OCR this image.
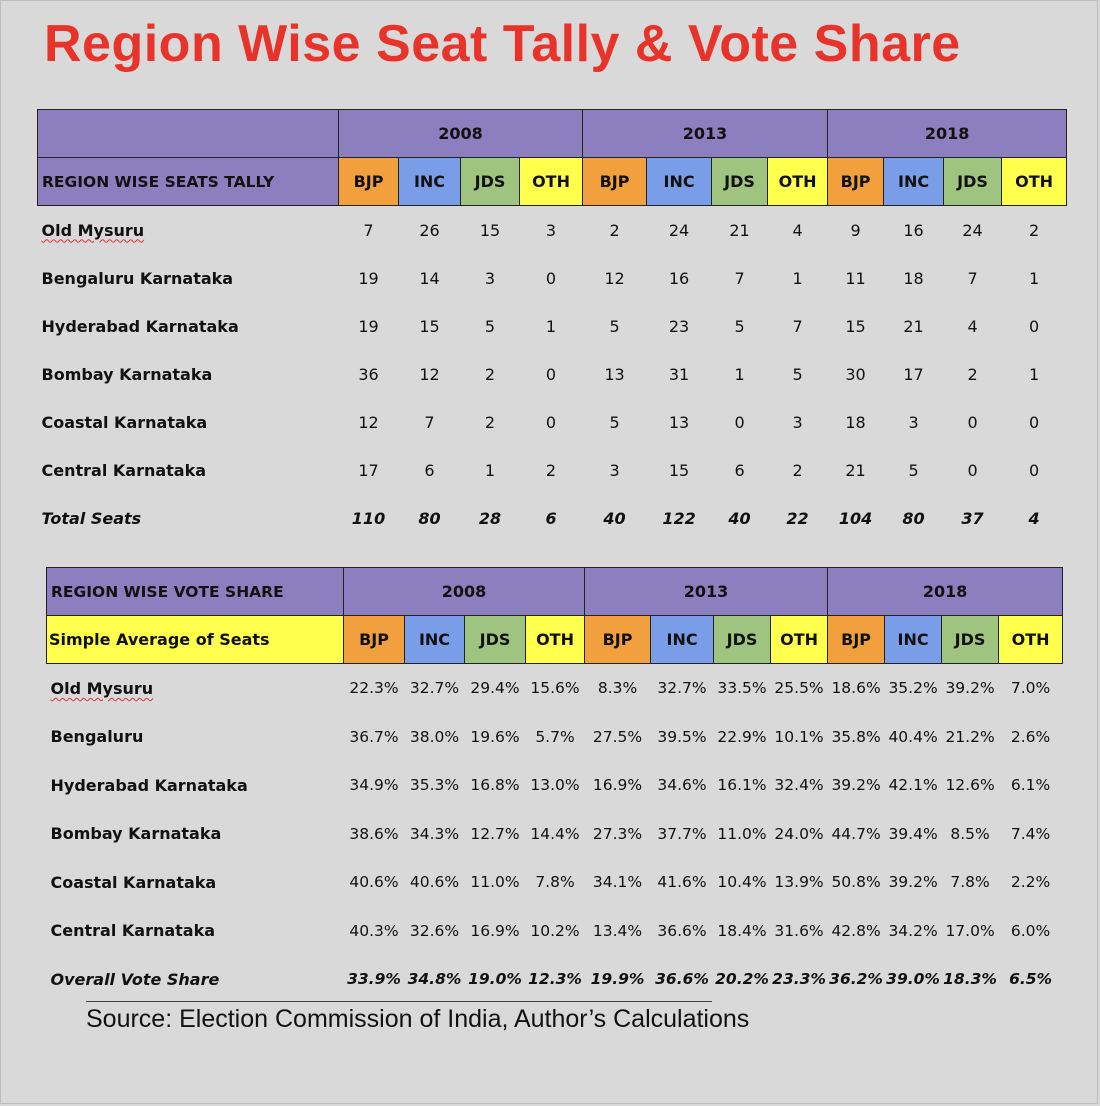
Region Wise Seat Tally & Vote Share
	2008				2013				2018			
REGION WISE SEATS TALLY	BJP	INC	JDS	OTH	BJP	INC	JDS	OTH	BJP	INC	JDS	OTH
Old Mysuru	7	26	15	3	2	24	21	4	9	16	24	2
Bengaluru Karnataka	19	14	3	0	12	16	7	1	11	18	7	1
Hyderabad Karnataka	19	15	5	1	5	23	5	7	15	21	4	0
Bombay Karnataka	36	12	2	0	13	31	1	5	30	17	2	1
Coastal Karnataka	12	7	2	0	5	13	0	3	18	3	0	0
Central Karnataka	17	6	1	2	3	15	6	2	21	5	0	0
Total Seats	110	80	28	6	40	122	40	22	104	80	37	4
REGION WISE VOTE SHARE	2008				2013				2018			
Simple Average of Seats	BJP	INC	JDS	OTH	BJP	INC	JDS	OTH	BJP	INC	JDS	OTH
Old Mysuru	22.3%	32.7%	29.4%	15.6%	8.3%	32.7%	33.5%	25.5%	18.6%	35.2%	39.2%	7.0%
Bengaluru	36.7%	38.0%	19.6%	5.7%	27.5%	39.5%	22.9%	10.1%	35.8%	40.4%	21.2%	2.6%
Hyderabad Karnataka	34.9%	35.3%	16.8%	13.0%	16.9%	34.6%	16.1%	32.4%	39.2%	42.1%	12.6%	6.1%
Bombay Karnataka	38.6%	34.3%	12.7%	14.4%	27.3%	37.7%	11.0%	24.0%	44.7%	39.4%	8.5%	7.4%
Coastal Karnataka	40.6%	40.6%	11.0%	7.8%	34.1%	41.6%	10.4%	13.9%	50.8%	39.2%	7.8%	2.2%
Central Karnataka	40.3%	32.6%	16.9%	10.2%	13.4%	36.6%	18.4%	31.6%	42.8%	34.2%	17.0%	6.0%
Overall Vote Share	33.9%	34.8%	19.0%	12.3%	19.9%	36.6%	20.2%	23.3%	36.2%	39.0%	18.3%	6.5%
Source: Election Commission of India, Author’s Calculations
